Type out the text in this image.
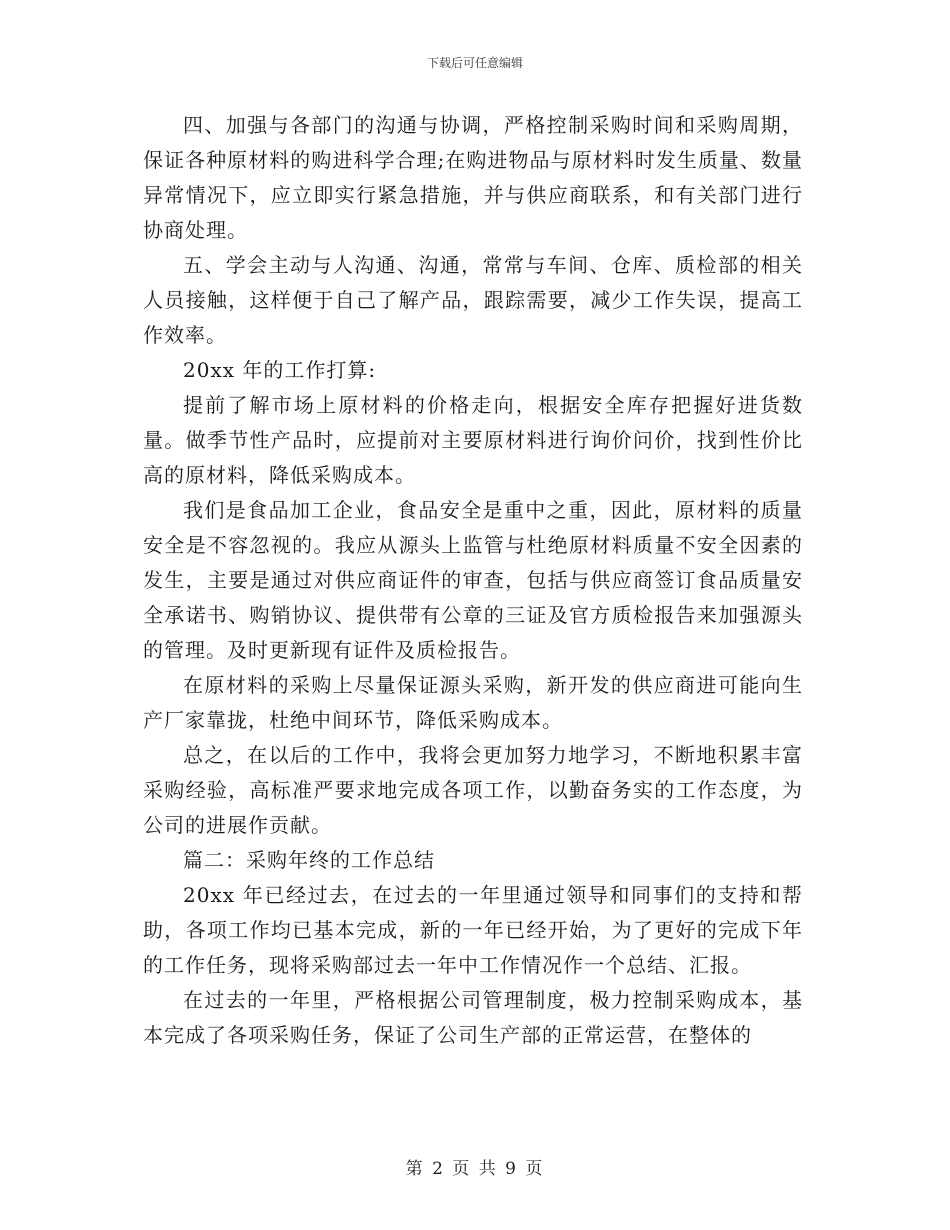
下载后可任意编辑

四、加强与各部门的沟通与协调，严格控制采购时间和采购周期，保证各种原材料的购进科学合理;在购进物品与原材料时发生质量、数量异常情况下，应立即实行紧急措施，并与供应商联系，和有关部门进行协商处理。

五、学会主动与人沟通、沟通，常常与车间、仓库、质检部的相关人员接触，这样便于自己了解产品，跟踪需要，减少工作失误，提高工作效率。

20xx 年的工作打算:

提前了解市场上原材料的价格走向，根据安全库存把握好进货数量。做季节性产品时，应提前对主要原材料进行询价问价，找到性价比高的原材料，降低采购成本。

我们是食品加工企业，食品安全是重中之重，因此，原材料的质量安全是不容忽视的。我应从源头上监管与杜绝原材料质量不安全因素的发生，主要是通过对供应商证件的审查，包括与供应商签订食品质量安全承诺书、购销协议、提供带有公章的三证及官方质检报告来加强源头的管理。及时更新现有证件及质检报告。

在原材料的采购上尽量保证源头采购，新开发的供应商进可能向生产厂家靠拢，杜绝中间环节，降低采购成本。

总之，在以后的工作中，我将会更加努力地学习，不断地积累丰富采购经验，高标准严要求地完成各项工作，以勤奋务实的工作态度，为公司的进展作贡献。

篇二：采购年终的工作总结

20xx 年已经过去，在过去的一年里通过领导和同事们的支持和帮助，各项工作均已基本完成，新的一年已经开始，为了更好的完成下年的工作任务，现将采购部过去一年中工作情况作一个总结、汇报。

在过去的一年里，严格根据公司管理制度，极力控制采购成本，基本完成了各项采购任务，保证了公司生产部的正常运营，在整体的

第 2 页 共 9 页
